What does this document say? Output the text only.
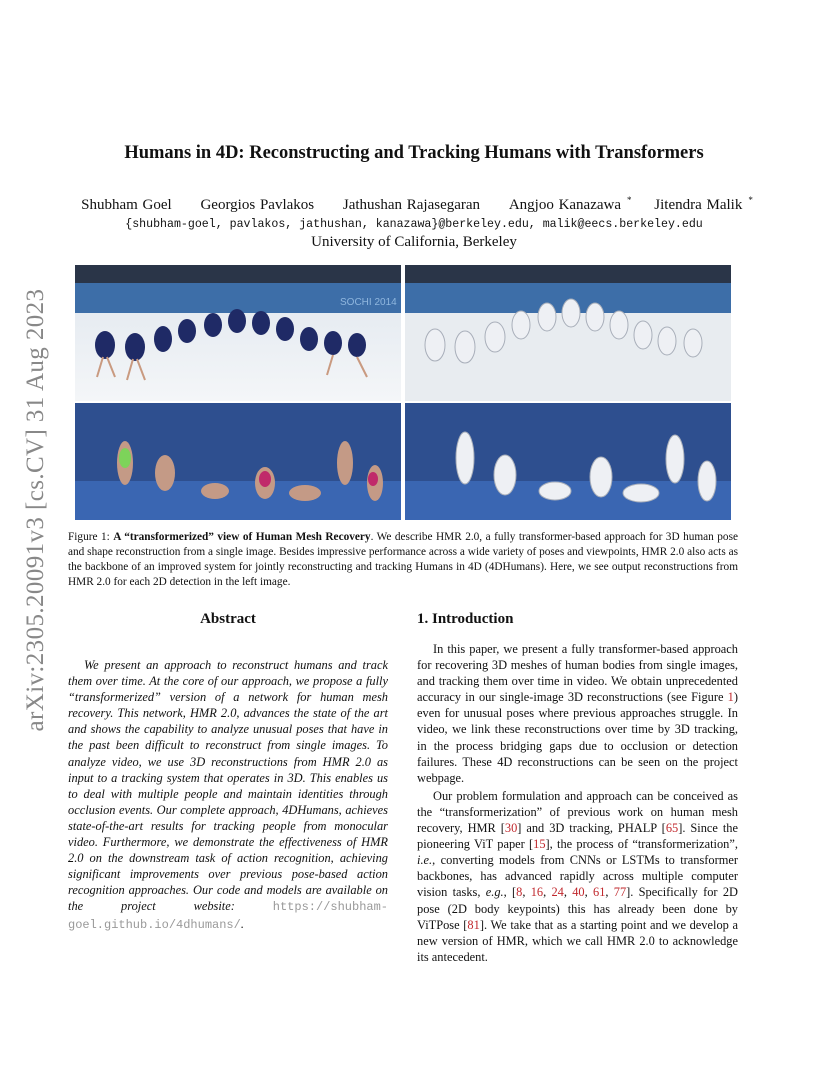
Humans in 4D: Reconstructing and Tracking Humans with Transformers
Shubham Goel Georgios Pavlakos Jathushan Rajasegaran Angjoo Kanazawa * Jitendra Malik *
{shubham-goel, pavlakos, jathushan, kanazawa}@berkeley.edu, malik@eecs.berkeley.edu
University of California, Berkeley
arXiv:2305.20091v3 [cs.CV] 31 Aug 2023	SOCHI 2014
Figure 1: A “transformerized” view of Human Mesh Recovery. We describe HMR 2.0, a fully transformer-based approach for 3D human pose and shape reconstruction from a single image. Besides impressive performance across a wide variety of poses and viewpoints, HMR 2.0 also acts as the backbone of an improved system for jointly reconstructing and tracking Humans in 4D (4DHumans). Here, we see output reconstructions from HMR 2.0 for each 2D detection in the left image.
Abstract
We present an approach to reconstruct humans and track them over time. At the core of our approach, we propose a fully “transformerized” version of a network for human mesh recovery. This network, HMR 2.0, advances the state of the art and shows the capability to analyze unusual poses that have in the past been difficult to reconstruct from single images. To analyze video, we use 3D reconstructions from HMR 2.0 as input to a tracking system that operates in 3D. This enables us to deal with multiple people and maintain identities through occlusion events. Our complete approach, 4DHumans, achieves state-of-the-art results for tracking people from monocular video. Furthermore, we demonstrate the effectiveness of HMR 2.0 on the downstream task of action recognition, achieving significant improvements over previous pose-based action recognition approaches. Our code and models are available on the project website: https://shubham-goel.github.io/4dhumans/.
1. Introduction

In this paper, we present a fully transformer-based approach for recovering 3D meshes of human bodies from single images, and tracking them over time in video. We obtain unprecedented accuracy in our single-image 3D reconstructions (see Figure 1) even for unusual poses where previous approaches struggle. In video, we link these reconstructions over time by 3D tracking, in the process bridging gaps due to occlusion or detection failures. These 4D reconstructions can be seen on the project webpage.

Our problem formulation and approach can be conceived as the “transformerization” of previous work on human mesh recovery, HMR [30] and 3D tracking, PHALP [65]. Since the pioneering ViT paper [15], the process of “transformerization”, i.e., converting models from CNNs or LSTMs to transformer backbones, has advanced rapidly across multiple computer vision tasks, e.g., [8, 16, 24, 40, 61, 77]. Specifically for 2D pose (2D body keypoints) this has already been done by ViTPose [81]. We take that as a starting point and we develop a new version of HMR, which we call HMR 2.0 to acknowledge its antecedent.
